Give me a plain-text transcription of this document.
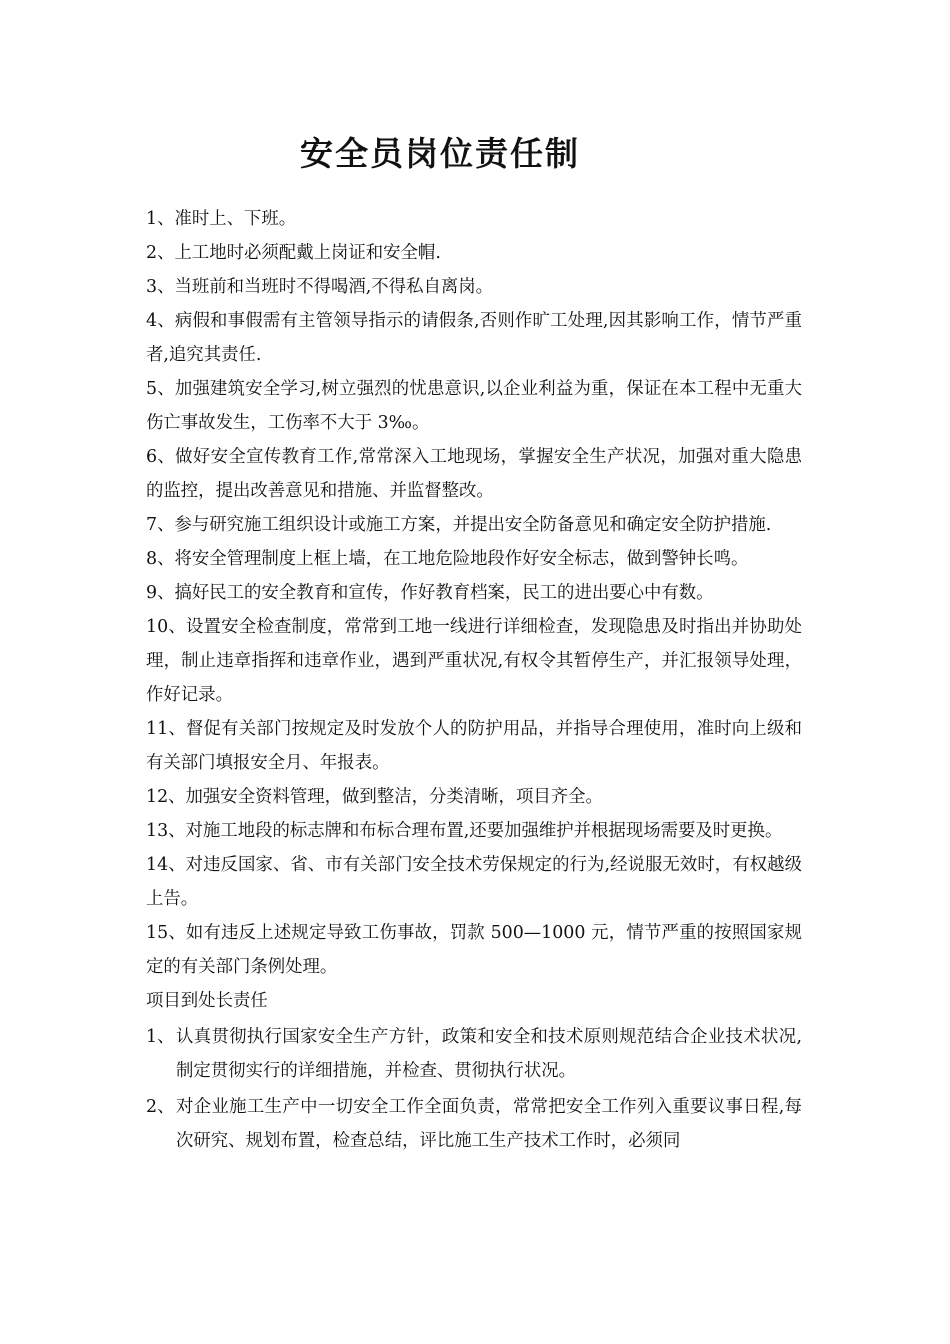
安全员岗位责任制

1、准时上、下班。

2、上工地时必须配戴上岗证和安全帽.

3、当班前和当班时不得喝酒,不得私自离岗。

4、病假和事假需有主管领导指示的请假条,否则作旷工处理,因其影响工作，情节严重者,追究其责任.

5、加强建筑安全学习,树立强烈的忧患意识,以企业利益为重，保证在本工程中无重大伤亡事故发生，工伤率不大于 3‰。

6、做好安全宣传教育工作,常常深入工地现场，掌握安全生产状况，加强对重大隐患的监控，提出改善意见和措施、并监督整改。

7、参与研究施工组织设计或施工方案，并提出安全防备意见和确定安全防护措施.

8、将安全管理制度上框上墙，在工地危险地段作好安全标志，做到警钟长鸣。

9、搞好民工的安全教育和宣传，作好教育档案，民工的进出要心中有数。

10、设置安全检查制度，常常到工地一线进行详细检查，发现隐患及时指出并协助处理，制止违章指挥和违章作业，遇到严重状况,有权令其暂停生产，并汇报领导处理，作好记录。

11、督促有关部门按规定及时发放个人的防护用品，并指导合理使用，准时向上级和有关部门填报安全月、年报表。

12、加强安全资料管理，做到整洁，分类清晰，项目齐全。

13、对施工地段的标志牌和布标合理布置,还要加强维护并根据现场需要及时更换。

14、对违反国家、省、市有关部门安全技术劳保规定的行为,经说服无效时，有权越级上告。

15、如有违反上述规定导致工伤事故，罚款 500—1000 元，情节严重的按照国家规定的有关部门条例处理。

项目到处长责任

1、 认真贯彻执行国家安全生产方针，政策和安全和技术原则规范结合企业技术状况,制定贯彻实行的详细措施，并检查、贯彻执行状况。
2、 对企业施工生产中一切安全工作全面负责，常常把安全工作列入重要议事日程,每次研究、规划布置，检查总结，评比施工生产技术工作时，必须同
